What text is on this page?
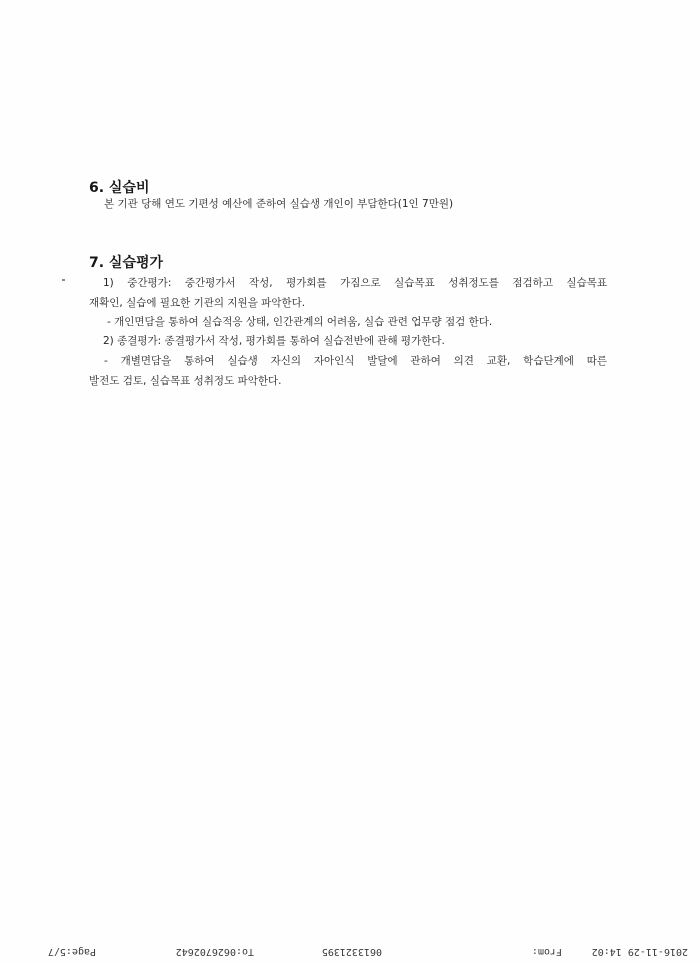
6. 실습비
본 기관 당해 연도 기편성 예산에 준하여 실습생 개인이 부담한다(1인 7만원)
7. 실습평가
1) 중간평가: 중간평가서 작성, 평가회를 가짐으로 실습목표 성취정도를 점검하고 실습목표
재확인, 실습에 필요한 기관의 지원을 파악한다.
- 개인면담을 통하여 실습적응 상태, 인간관계의 어려움, 실습 관련 업무량 점검 한다.
2) 종결평가: 종결평가서 작성, 평가회를 통하여 실습전반에 관해 평가한다.
- 개별면담을 통하여 실습생 자신의 자아인식 발달에 관하여 의견 교환, 학습단계에 따른
발전도 검토, 실습목표 성취정도 파악한다.
2016-11-29 14:02
From:
0613321395
To:0626702642
Page:5/7
